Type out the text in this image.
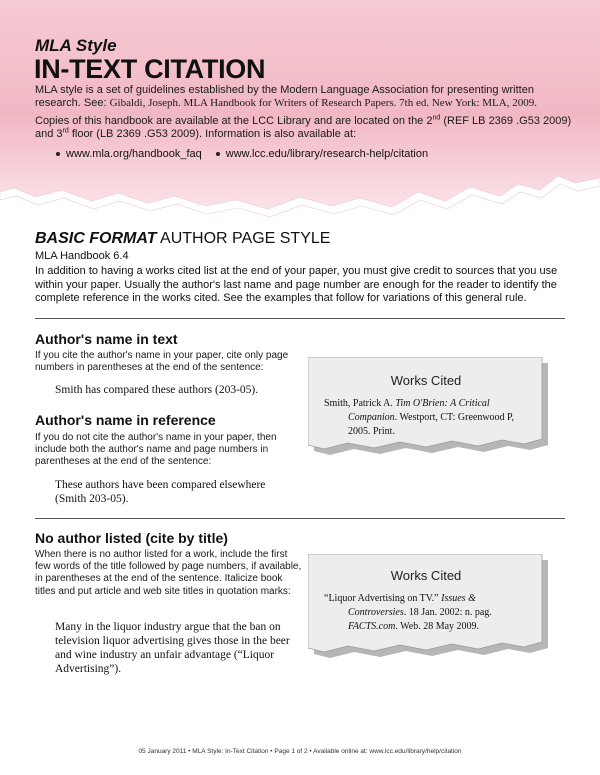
MLA Style
IN-TEXT CITATION
MLA style is a set of guidelines established by the Modern Language Association for presenting written research. See: Gibaldi, Joseph. MLA Handbook for Writers of Research Papers. 7th ed. New York: MLA, 2009.
Copies of this handbook are available at the LCC Library and are located on the 2nd (REF LB 2369 .G53 2009) and 3rd floor (LB 2369 .G53 2009). Information is also available at:
www.mla.org/handbook_faq www.lcc.edu/library/research-help/citation
BASIC FORMAT AUTHOR PAGE STYLE
MLA Handbook 6.4
In addition to having a works cited list at the end of your paper, you must give credit to sources that you use within your paper. Usually the author's last name and page number are enough for the reader to identify the complete reference in the works cited. See the examples that follow for variations of this general rule.
Author's name in text
If you cite the author's name in your paper, cite only page numbers in parentheses at the end of the sentence:
Smith has compared these authors (203-05).
Author's name in reference
If you do not cite the author's name in your paper, then include both the author's name and page numbers in parentheses at the end of the sentence:
These authors have been compared elsewhere (Smith 203-05).
Works Cited
Smith, Patrick A. Tim O'Brien: A Critical Companion. Westport, CT: Greenwood P, 2005. Print.
No author listed (cite by title)
When there is no author listed for a work, include the first few words of the title followed by page numbers, if available, in parentheses at the end of the sentence. Italicize book titles and put article and web site titles in quotation marks:
Many in the liquor industry argue that the ban on television liquor advertising gives those in the beer and wine industry an unfair advantage (“Liquor Advertising”).
Works Cited
“Liquor Advertising on TV.” Issues & Controversies. 18 Jan. 2002: n. pag. FACTS.com. Web. 28 May 2009.
05 January 2011 • MLA Style: In-Text Citation • Page 1 of 2 • Available online at: www.lcc.edu/library/help/citation
